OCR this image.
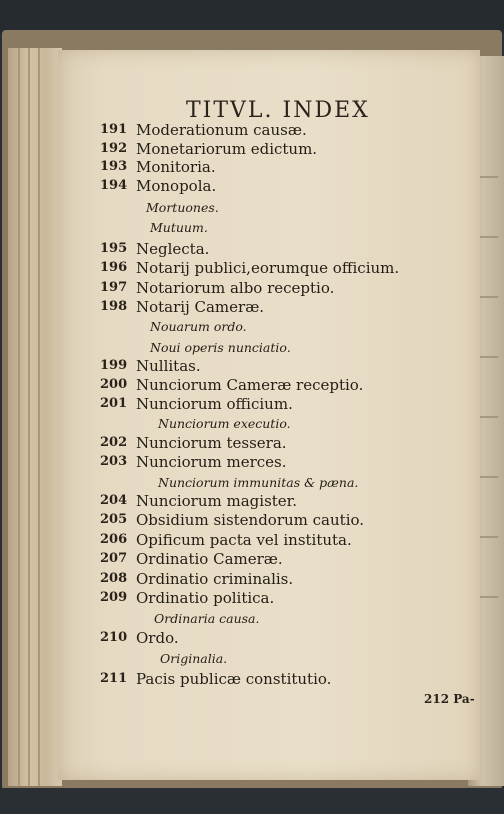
TITVL. INDEX
191 Moderationum causæ.
192 Monetariorum edictum.
193 Monitoria.
194 Monopola.
Mortuones.
Mutuum.
195 Neglecta.
196 Notarij publici,eorumque officium.
197 Notariorum albo receptio.
198 Notarij Cameræ.
Nouarum ordo.
Noui operis nunciatio.
199 Nullitas.
200 Nunciorum Cameræ receptio.
201 Nunciorum officium.
Nunciorum executio.
202 Nunciorum tessera.
203 Nunciorum merces.
Nunciorum immunitas & pæna.
204 Nunciorum magister.
205 Obsidium sistendorum cautio.
206 Opificum pacta vel instituta.
207 Ordinatio Cameræ.
208 Ordinatio criminalis.
209 Ordinatio politica.
Ordinaria causa.
210 Ordo.
Originalia.
211 Pacis publicæ constitutio.
212 Pa-
